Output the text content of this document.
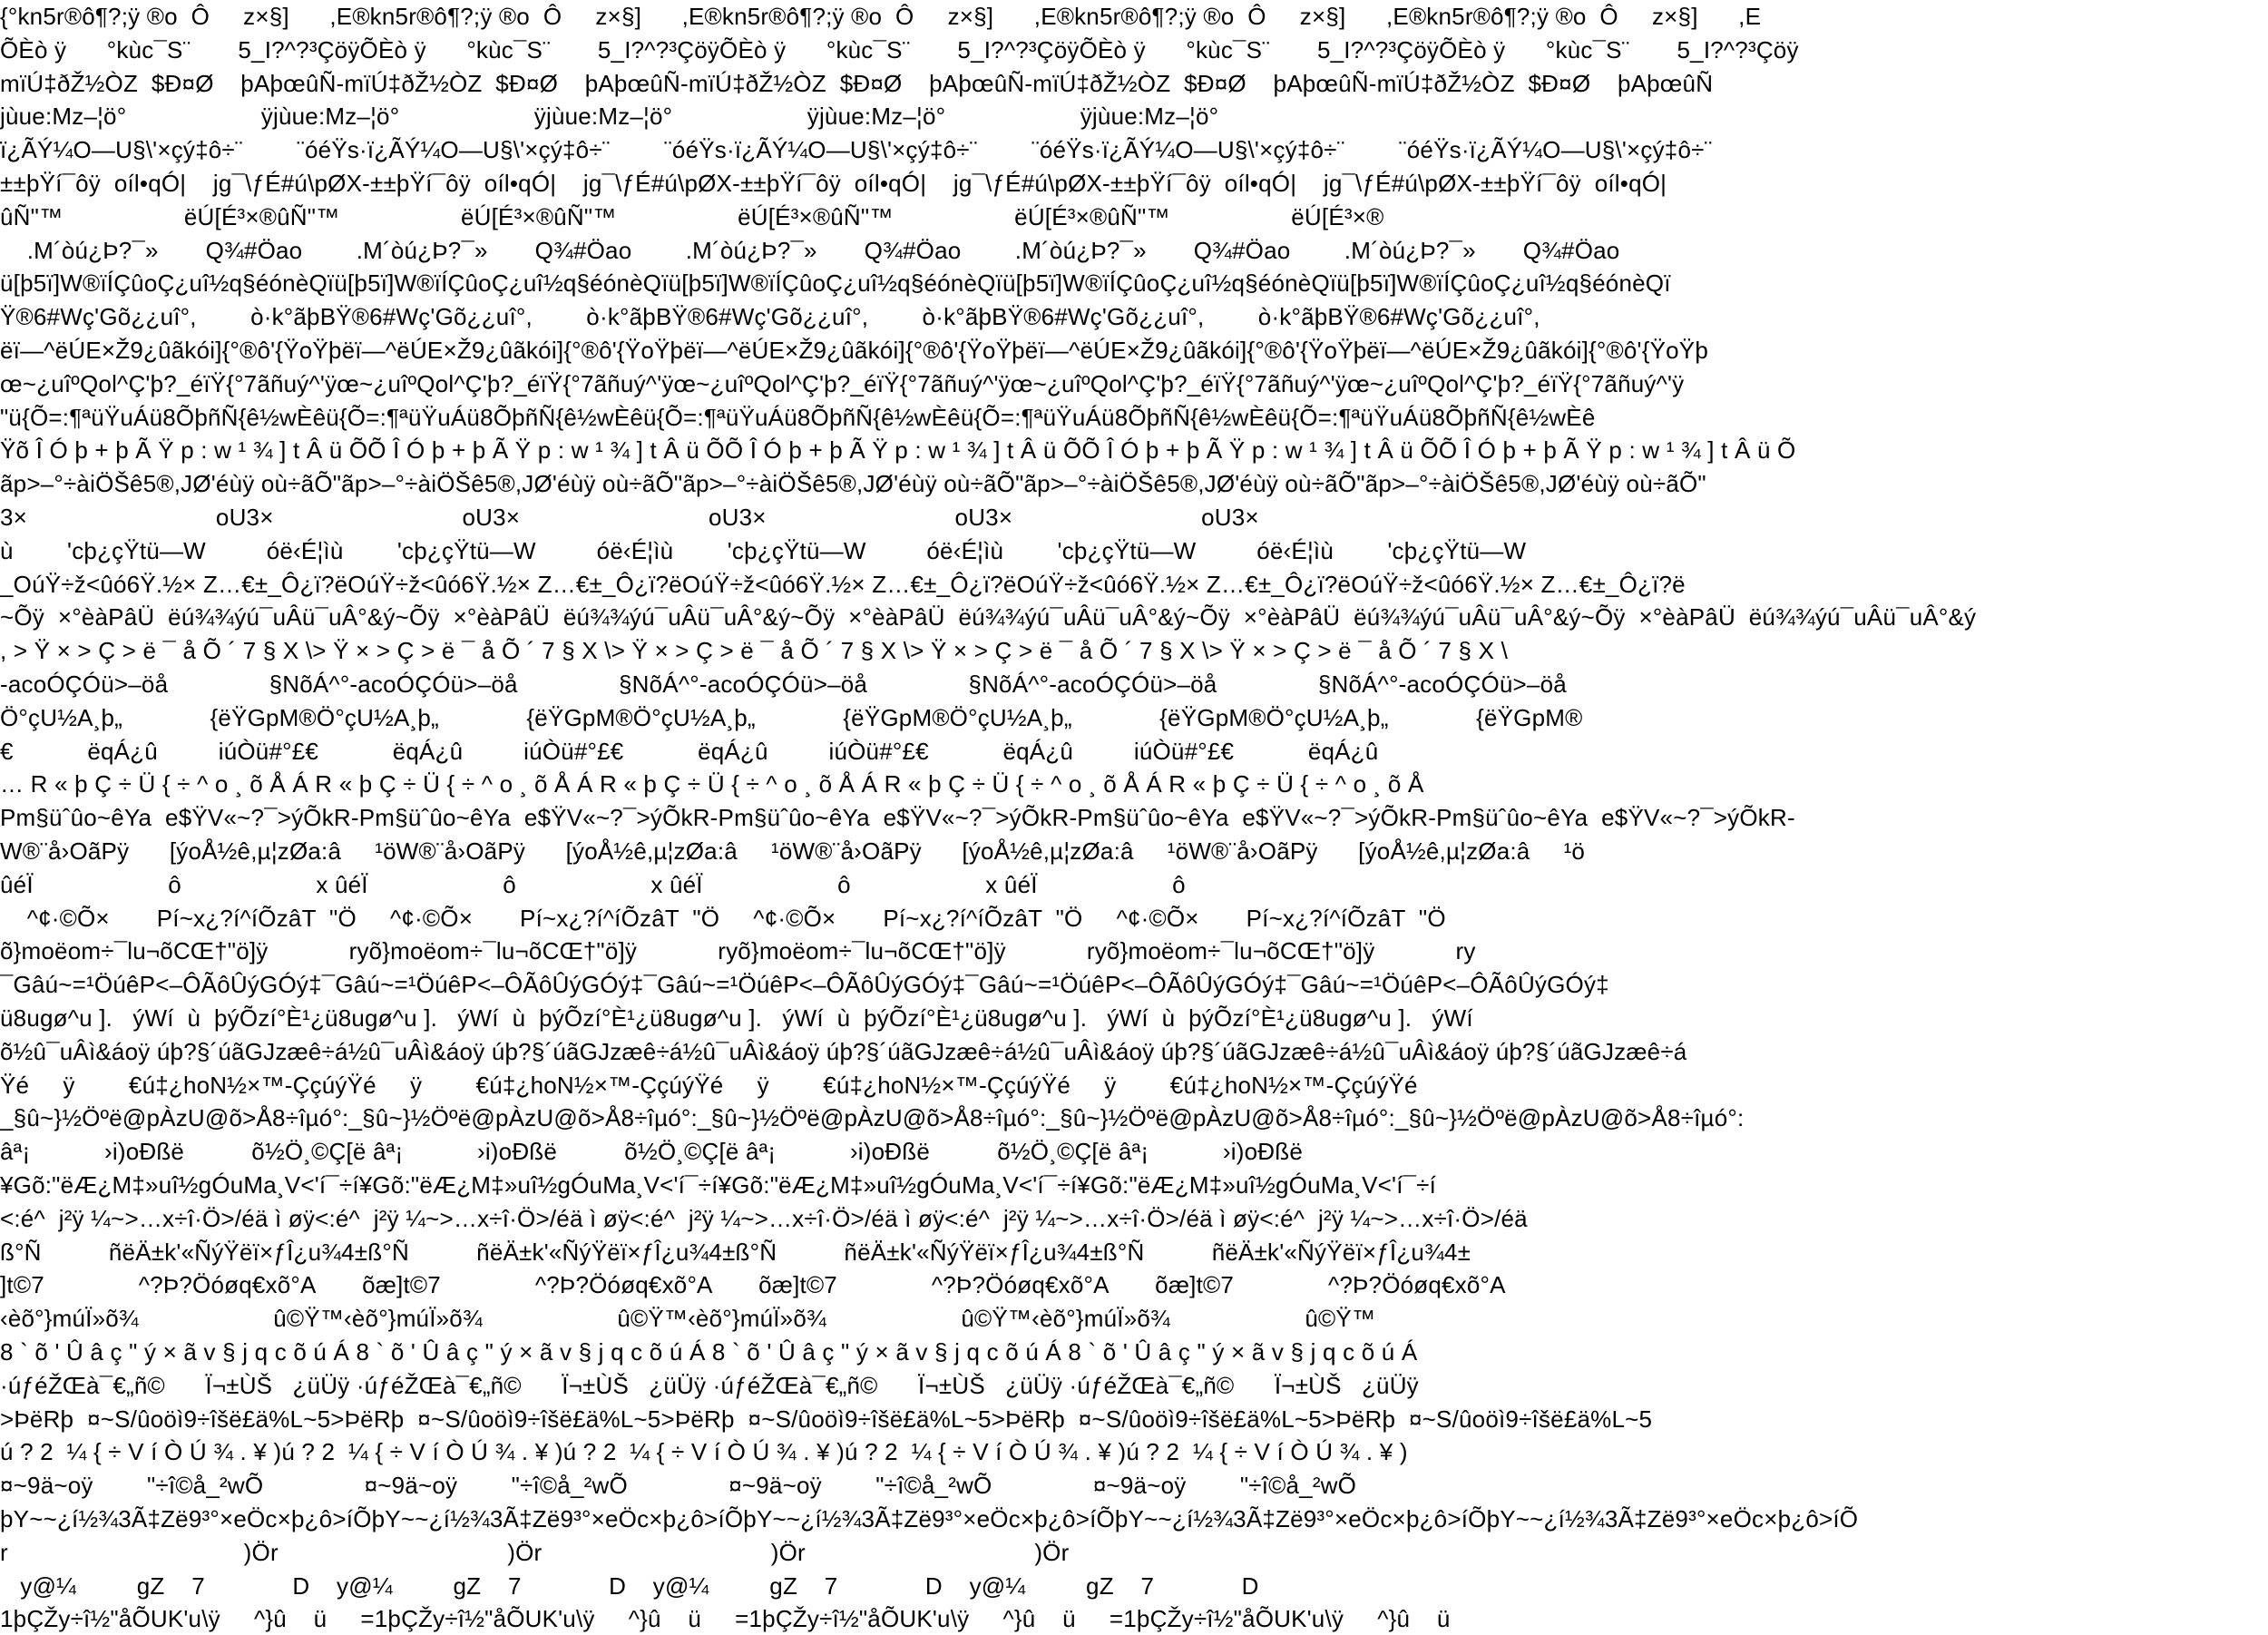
{°kn5r®ô¶?;ÿ ®o  Ô     z×§]      ,E®kn5r®ô¶?;ÿ ®o  Ô     z×§]      ,E®kn5r®ô¶?;ÿ ®o  Ô     z×§]      ,E®kn5r®ô¶?;ÿ ®o  Ô     z×§]      ,E®kn5r®ô¶?;ÿ ®o  Ô     z×§]      ,E
ÕÈò ÿ      °kùc¯S¨       5_I?^?³ÇöÿÕÈò ÿ      °kùc¯S¨       5_I?^?³ÇöÿÕÈò ÿ      °kùc¯S¨       5_I?^?³ÇöÿÕÈò ÿ      °kùc¯S¨       5_I?^?³ÇöÿÕÈò ÿ      °kùc¯S¨       5_I?^?³Çöÿ
mïÚ‡ðŽ½ÒZ  $Ð¤Ø    þAþœûÑ-mïÚ‡ðŽ½ÒZ  $Ð¤Ø    þAþœûÑ-mïÚ‡ðŽ½ÒZ  $Ð¤Ø    þAþœûÑ-mïÚ‡ðŽ½ÒZ  $Ð¤Ø    þAþœûÑ-mïÚ‡ðŽ½ÒZ  $Ð¤Ø    þAþœûÑ
jùue:Mz–¦ö°                    ÿjùue:Mz–¦ö°                    ÿjùue:Mz–¦ö°                    ÿjùue:Mz–¦ö°                    ÿjùue:Mz–¦ö°
ï¿ÃÝ¼O—U§\'×çý‡ô÷¨        ¨óéŸs·ï¿ÃÝ¼O—U§\'×çý‡ô÷¨        ¨óéŸs·ï¿ÃÝ¼O—U§\'×çý‡ô÷¨        ¨óéŸs·ï¿ÃÝ¼O—U§\'×çý‡ô÷¨        ¨óéŸs·ï¿ÃÝ¼O—U§\'×çý‡ô÷¨
±±þŸí¯ôÿ  oíl•qÓ|    jg¯\ƒÉ#ú\pØX-±±þŸí¯ôÿ  oíl•qÓ|    jg¯\ƒÉ#ú\pØX-±±þŸí¯ôÿ  oíl•qÓ|    jg¯\ƒÉ#ú\pØX-±±þŸí¯ôÿ  oíl•qÓ|    jg¯\ƒÉ#ú\pØX-±±þŸí¯ôÿ  oíl•qÓ|
ûÑ"™                  ëÚ[É³×®ûÑ"™                  ëÚ[É³×®ûÑ"™                  ëÚ[É³×®ûÑ"™                  ëÚ[É³×®ûÑ"™                  ëÚ[É³×®
.M´òú¿Þ?¯»       Q¾#Öao        .M´òú¿Þ?¯»       Q¾#Öao        .M´òú¿Þ?¯»       Q¾#Öao        .M´òú¿Þ?¯»       Q¾#Öao        .M´òú¿Þ?¯»       Q¾#Öao
ü[þ5ï]W®ïÍÇûoÇ¿uî½q§éónèQïü[þ5ï]W®ïÍÇûoÇ¿uî½q§éónèQïü[þ5ï]W®ïÍÇûoÇ¿uî½q§éónèQïü[þ5ï]W®ïÍÇûoÇ¿uî½q§éónèQïü[þ5ï]W®ïÍÇûoÇ¿uî½q§éónèQï
Ÿ®6#Wç'Gõ¿¿uî°,        ò·k°ãþBŸ®6#Wç'Gõ¿¿uî°,        ò·k°ãþBŸ®6#Wç'Gõ¿¿uî°,        ò·k°ãþBŸ®6#Wç'Gõ¿¿uî°,        ò·k°ãþBŸ®6#Wç'Gõ¿¿uî°,
ëï—^ëÚE×Ž9¿ûãkói]{°®ô'{ŸoŸþëï—^ëÚE×Ž9¿ûãkói]{°®ô'{ŸoŸþëï—^ëÚE×Ž9¿ûãkói]{°®ô'{ŸoŸþëï—^ëÚE×Ž9¿ûãkói]{°®ô'{ŸoŸþëï—^ëÚE×Ž9¿ûãkói]{°®ô'{ŸoŸþ
œ~¿uîºQol^Ç'þ?_éïŸ{°7ãñuý^'ÿœ~¿uîºQol^Ç'þ?_éïŸ{°7ãñuý^'ÿœ~¿uîºQol^Ç'þ?_éïŸ{°7ãñuý^'ÿœ~¿uîºQol^Ç'þ?_éïŸ{°7ãñuý^'ÿœ~¿uîºQol^Ç'þ?_éïŸ{°7ãñuý^'ÿ
"ü{Õ=:¶ªüŸuÁü8ÕþñÑ{ê½wÈêü{Õ=:¶ªüŸuÁü8ÕþñÑ{ê½wÈêü{Õ=:¶ªüŸuÁü8ÕþñÑ{ê½wÈêü{Õ=:¶ªüŸuÁü8ÕþñÑ{ê½wÈêü{Õ=:¶ªüŸuÁü8ÕþñÑ{ê½wÈê
Ÿõ Î Ó þ + þ Ã Ÿ p : w ¹ ¾ ] t Â ü ÕÕ Î Ó þ + þ Ã Ÿ p : w ¹ ¾ ] t Â ü ÕÕ Î Ó þ + þ Ã Ÿ p : w ¹ ¾ ] t Â ü ÕÕ Î Ó þ + þ Ã Ÿ p : w ¹ ¾ ] t Â ü ÕÕ Î Ó þ + þ Ã Ÿ p : w ¹ ¾ ] t Â ü Õ
ãp>–°÷àiÖŠê5®,JØ'éùÿ où÷ãÕ"ãp>–°÷àiÖŠê5®,JØ'éùÿ où÷ãÕ"ãp>–°÷àiÖŠê5®,JØ'éùÿ où÷ãÕ"ãp>–°÷àiÖŠê5®,JØ'éùÿ où÷ãÕ"ãp>–°÷àiÖŠê5®,JØ'éùÿ où÷ãÕ"
3×                            oU3×                            oU3×                            oU3×                            oU3×                            oU3×
ù        'cþ¿çŸtü—W         óë‹É¦ìù        'cþ¿çŸtü—W         óë‹É¦ìù        'cþ¿çŸtü—W         óë‹É¦ìù        'cþ¿çŸtü—W         óë‹É¦ìù        'cþ¿çŸtü—W
_OúŸ÷ž<ûó6Ÿ.½× Z…€±_Ô¿ï?ëOúŸ÷ž<ûó6Ÿ.½× Z…€±_Ô¿ï?ëOúŸ÷ž<ûó6Ÿ.½× Z…€±_Ô¿ï?ëOúŸ÷ž<ûó6Ÿ.½× Z…€±_Ô¿ï?ëOúŸ÷ž<ûó6Ÿ.½× Z…€±_Ô¿ï?ë
~Õÿ  ×°èàPâÜ  ëú¾¾ýú¯uÂü¯uÂ°&ý~Õÿ  ×°èàPâÜ  ëú¾¾ýú¯uÂü¯uÂ°&ý~Õÿ  ×°èàPâÜ  ëú¾¾ýú¯uÂü¯uÂ°&ý~Õÿ  ×°èàPâÜ  ëú¾¾ýú¯uÂü¯uÂ°&ý~Õÿ  ×°èàPâÜ  ëú¾¾ýú¯uÂü¯uÂ°&ý
, > Ÿ × > Ç > ë ¯ å Õ ´ 7 § X \> Ÿ × > Ç > ë ¯ å Õ ´ 7 § X \> Ÿ × > Ç > ë ¯ å Õ ´ 7 § X \> Ÿ × > Ç > ë ¯ å Õ ´ 7 § X \> Ÿ × > Ç > ë ¯ å Õ ´ 7 § X \
-acoÓÇÓü>–öå               §NõÁ^°-acoÓÇÓü>–öå               §NõÁ^°-acoÓÇÓü>–öå               §NõÁ^°-acoÓÇÓü>–öå               §NõÁ^°-acoÓÇÓü>–öå
Ö°çU½A¸þ„             {ëŸGpM®Ö°çU½A¸þ„             {ëŸGpM®Ö°çU½A¸þ„             {ëŸGpM®Ö°çU½A¸þ„             {ëŸGpM®Ö°çU½A¸þ„             {ëŸGpM®
€           ëqÁ¿û         iúÒü#°£€           ëqÁ¿û         iúÒü#°£€           ëqÁ¿û         iúÒü#°£€           ëqÁ¿û         iúÒü#°£€           ëqÁ¿û
… R « þ Ç ÷ Ü { ÷ ^ o ¸ õ Å Á R « þ Ç ÷ Ü { ÷ ^ o ¸ õ Å Á R « þ Ç ÷ Ü { ÷ ^ o ¸ õ Å Á R « þ Ç ÷ Ü { ÷ ^ o ¸ õ Å Á R « þ Ç ÷ Ü { ÷ ^ o ¸ õ Å
Pm§üˆûo~êYa  e$ŸV«~?¯>ýÕkR-Pm§üˆûo~êYa  e$ŸV«~?¯>ýÕkR-Pm§üˆûo~êYa  e$ŸV«~?¯>ýÕkR-Pm§üˆûo~êYa  e$ŸV«~?¯>ýÕkR-Pm§üˆûo~êYa  e$ŸV«~?¯>ýÕkR-
W®¨å›OãPÿ      [ýoÅ½ê,µ¦zØa:â     ¹öW®¨å›OãPÿ      [ýoÅ½ê,µ¦zØa:â     ¹öW®¨å›OãPÿ      [ýoÅ½ê,µ¦zØa:â     ¹öW®¨å›OãPÿ      [ýoÅ½ê,µ¦zØa:â     ¹ö
ûéÏ                    ô                    x ûéÏ                    ô                    x ûéÏ                    ô                    x ûéÏ                    ô
^¢·©Õ×       Pí~x¿?í^íÕzâT  "Ö     ^¢·©Õ×       Pí~x¿?í^íÕzâT  "Ö     ^¢·©Õ×       Pí~x¿?í^íÕzâT  "Ö     ^¢·©Õ×       Pí~x¿?í^íÕzâT  "Ö
õ}moëom÷¯lu¬õCŒ†"ö]ÿ            ryõ}moëom÷¯lu¬õCŒ†"ö]ÿ            ryõ}moëom÷¯lu¬õCŒ†"ö]ÿ            ryõ}moëom÷¯lu¬õCŒ†"ö]ÿ            ry
¯Gâú~=¹ÖúêP<–ÔÃôÛýGÓý‡¯Gâú~=¹ÖúêP<–ÔÃôÛýGÓý‡¯Gâú~=¹ÖúêP<–ÔÃôÛýGÓý‡¯Gâú~=¹ÖúêP<–ÔÃôÛýGÓý‡¯Gâú~=¹ÖúêP<–ÔÃôÛýGÓý‡
ü8ugø^u ].   ýWí  ù  þýÕzí°È¹¿ü8ugø^u ].   ýWí  ù  þýÕzí°È¹¿ü8ugø^u ].   ýWí  ù  þýÕzí°È¹¿ü8ugø^u ].   ýWí  ù  þýÕzí°È¹¿ü8ugø^u ].   ýWí
õ½û¯uÂì&áoÿ úþ?§´úãGJzæê÷á½û¯uÂì&áoÿ úþ?§´úãGJzæê÷á½û¯uÂì&áoÿ úþ?§´úãGJzæê÷á½û¯uÂì&áoÿ úþ?§´úãGJzæê÷á½û¯uÂì&áoÿ úþ?§´úãGJzæê÷á
Ÿé     ÿ        €ú‡¿hoN½×™-ÇçúýŸé     ÿ        €ú‡¿hoN½×™-ÇçúýŸé     ÿ        €ú‡¿hoN½×™-ÇçúýŸé     ÿ        €ú‡¿hoN½×™-ÇçúýŸé
_§û~}½Öºë@pÀzU@õ>Å8÷îµó°:_§û~}½Öºë@pÀzU@õ>Å8÷îµó°:_§û~}½Öºë@pÀzU@õ>Å8÷îµó°:_§û~}½Öºë@pÀzU@õ>Å8÷îµó°:_§û~}½Öºë@pÀzU@õ>Å8÷îµó°:
âª¡           ›i)oÐßë          õ½Ö¸©Ç[ë âª¡           ›i)oÐßë          õ½Ö¸©Ç[ë âª¡           ›i)oÐßë          õ½Ö¸©Ç[ë âª¡           ›i)oÐßë
¥Gõ:"ëÆ¿M‡»uî½gÓuMa¸V<'í¯÷í¥Gõ:"ëÆ¿M‡»uî½gÓuMa¸V<'í¯÷í¥Gõ:"ëÆ¿M‡»uî½gÓuMa¸V<'í¯÷í¥Gõ:"ëÆ¿M‡»uî½gÓuMa¸V<'í¯÷í
<:é^  j²ÿ ¼~>…x÷î·Ö>/éä ì øÿ<:é^  j²ÿ ¼~>…x÷î·Ö>/éä ì øÿ<:é^  j²ÿ ¼~>…x÷î·Ö>/éä ì øÿ<:é^  j²ÿ ¼~>…x÷î·Ö>/éä ì øÿ<:é^  j²ÿ ¼~>…x÷î·Ö>/éä
ß°Ñ          ñëÄ±k'«ÑýŸëï×ƒÎ¿u¾4±ß°Ñ          ñëÄ±k'«ÑýŸëï×ƒÎ¿u¾4±ß°Ñ          ñëÄ±k'«ÑýŸëï×ƒÎ¿u¾4±ß°Ñ          ñëÄ±k'«ÑýŸëï×ƒÎ¿u¾4±
]t©7              ^?Þ?Öóøq€xõ°A       õæ]t©7              ^?Þ?Öóøq€xõ°A       õæ]t©7              ^?Þ?Öóøq€xõ°A       õæ]t©7              ^?Þ?Öóøq€xõ°A
‹èõ°}múÏ»õ¾                    û©Ÿ™‹èõ°}múÏ»õ¾                    û©Ÿ™‹èõ°}múÏ»õ¾                    û©Ÿ™‹èõ°}múÏ»õ¾                    û©Ÿ™
8 ` õ ' Û â ç " ý × ã v § j q c õ ú Á 8 ` õ ' Û â ç " ý × ã v § j q c õ ú Á 8 ` õ ' Û â ç " ý × ã v § j q c õ ú Á 8 ` õ ' Û â ç " ý × ã v § j q c õ ú Á
·úƒéŽŒà¯€„ñ©      Ï¬±ÙŠ   ¿üÜÿ ·úƒéŽŒà¯€„ñ©      Ï¬±ÙŠ   ¿üÜÿ ·úƒéŽŒà¯€„ñ©      Ï¬±ÙŠ   ¿üÜÿ ·úƒéŽŒà¯€„ñ©      Ï¬±ÙŠ   ¿üÜÿ
>ÞëRþ  ¤~S/ûoöì9÷îšë£ä%L~5>ÞëRþ  ¤~S/ûoöì9÷îšë£ä%L~5>ÞëRþ  ¤~S/ûoöì9÷îšë£ä%L~5>ÞëRþ  ¤~S/ûoöì9÷îšë£ä%L~5>ÞëRþ  ¤~S/ûoöì9÷îšë£ä%L~5
ú ? 2  ¼ { ÷ V í Ò Ú ¾ . ¥ )ú ? 2  ¼ { ÷ V í Ò Ú ¾ . ¥ )ú ? 2  ¼ { ÷ V í Ò Ú ¾ . ¥ )ú ? 2  ¼ { ÷ V í Ò Ú ¾ . ¥ )ú ? 2  ¼ { ÷ V í Ò Ú ¾ . ¥ )
¤~9ä~oÿ        "÷î©å_²wÕ               ¤~9ä~oÿ        "÷î©å_²wÕ               ¤~9ä~oÿ        "÷î©å_²wÕ               ¤~9ä~oÿ        "÷î©å_²wÕ
þY~~¿í½¾3Ã‡Zë9³°×eÖc×þ¿ô>íÕþY~~¿í½¾3Ã‡Zë9³°×eÖc×þ¿ô>íÕþY~~¿í½¾3Ã‡Zë9³°×eÖc×þ¿ô>íÕþY~~¿í½¾3Ã‡Zë9³°×eÖc×þ¿ô>íÕþY~~¿í½¾3Ã‡Zë9³°×eÖc×þ¿ô>íÕ
r                                   )Ör                                  )Ör                                  )Ör                                  )Ör
y@¼         gZ    7             D    y@¼         gZ    7             D    y@¼         gZ    7             D    y@¼         gZ    7             D
1þÇŽy÷î½"åÕUK'u\ÿ     ^}û    ü     =1þÇŽy÷î½"åÕUK'u\ÿ     ^}û    ü     =1þÇŽy÷î½"åÕUK'u\ÿ     ^}û    ü     =1þÇŽy÷î½"åÕUK'u\ÿ     ^}û    ü
